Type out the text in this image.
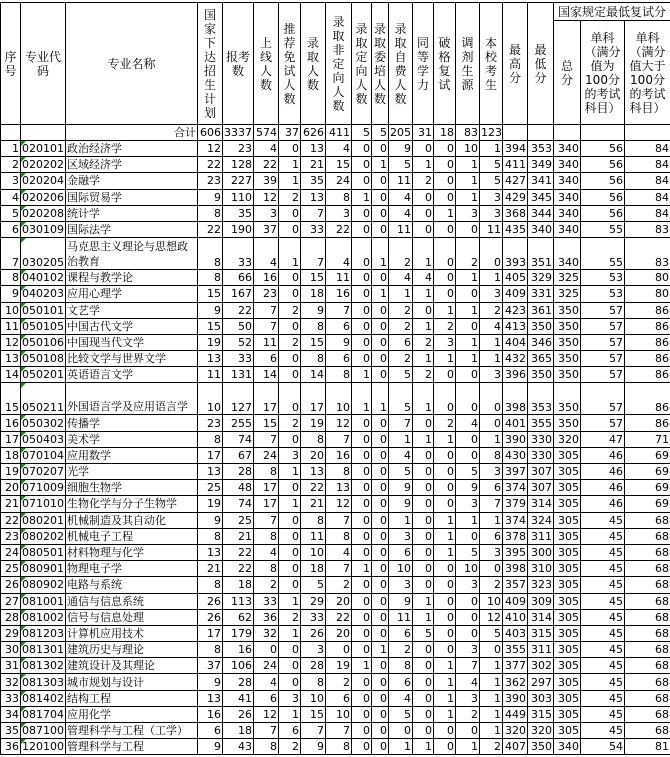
序号	专业代码	专业名称	国家下达招生计划	报考数	上线人数	推荐免试人数	录取人数	录取非定向人数	录取定向人数	录取委培人数	录取自费人数	同等学力	破格复试	调剂生源	本校考生	最高分	最低分	国家规定最低复试分		
																		总分	单科（满分值为100分的考试科目）	单科（满分值大于100分的考试科目）
		合计	606	3337	574	37	626	411	5	5	205	31	18	83	123					
1	020101	政治经济学	12	23	4	0	13	4	0	0	9	0	0	10	1	394	353	340	56	84
2	020202	区域经济学	22	128	22	1	21	15	0	1	5	1	0	1	5	411	349	340	56	84
3	020204	金融学	23	227	39	1	35	24	0	0	11	2	0	1	5	427	341	340	56	84
4	020206	国际贸易学	9	110	12	2	13	8	1	0	4	0	0	1	3	429	345	340	56	84
5	020208	统计学	8	35	3	0	7	3	0	0	4	0	1	3	3	368	344	340	56	84
6	030109	国际法学	22	190	37	0	33	22	0	0	11	0	0	0	11	435	340	340	55	83
7	030205	马克思主义理论与思想政治教育	8	33	4	1	7	4	0	1	2	1	0	2	0	393	351	340	55	83
8	040102	课程与教学论	8	66	16	0	15	11	0	0	4	4	0	1	1	405	329	325	53	80
9	040203	应用心理学	15	167	23	0	18	16	0	1	1	1	0	0	3	409	331	325	53	80
10	050101	文艺学	9	22	7	2	9	7	0	0	2	0	1	1	2	423	361	350	57	86
11	050105	中国古代文学	15	50	7	0	8	6	0	0	2	1	2	0	4	413	350	350	57	86
12	050106	中国现当代文学	19	52	11	2	15	9	0	0	6	2	3	1	1	404	346	350	57	86
13	050108	比较文学与世界文学	13	33	6	0	8	6	0	0	2	1	1	1	1	432	365	350	57	86
14	050201	英语语言文学	11	131	14	0	14	8	1	0	5	2	0	0	3	396	350	350	57	86
15	050211	外国语言学及应用语言学	10	127	17	0	17	10	1	1	5	1	0	0	0	398	353	350	57	86
16	050302	传播学	23	255	15	2	19	12	0	0	7	0	2	4	0	401	355	350	57	86
17	050403	美术学	8	74	7	0	8	7	0	0	1	1	1	0	1	390	330	320	47	71
18	070104	应用数学	17	67	24	3	20	16	0	0	4	0	0	0	8	430	330	305	46	69
19	070207	光学	13	28	8	1	13	8	0	0	5	0	0	5	3	397	307	305	46	69
20	071009	细胞生物学	25	48	17	0	22	13	0	0	9	0	0	9	6	374	307	305	46	69
21	071010	生物化学与分子生物学	19	74	17	1	21	12	0	0	9	0	0	3	7	379	314	305	46	69
22	080201	机械制造及其自动化	9	25	7	0	8	7	0	0	1	0	1	1	1	374	324	305	45	68
23	080202	机械电子工程	8	21	8	0	11	8	0	0	3	0	1	0	6	378	311	305	45	68
24	080501	材料物理与化学	13	22	4	0	10	4	0	0	6	0	1	5	3	395	300	305	45	68
25	080901	物理电子学	21	22	8	0	18	7	1	0	10	0	0	10	0	398	310	305	45	68
26	080902	电路与系统	8	18	2	0	5	2	0	0	3	0	0	3	2	357	323	305	45	68
27	081001	通信与信息系统	26	113	33	1	29	20	0	0	9	1	0	0	10	409	309	305	45	68
28	081002	信号与信息处理	26	62	36	2	33	22	0	0	11	1	0	0	12	410	314	305	45	68
29	081203	计算机应用技术	17	179	32	1	26	20	0	0	6	5	0	0	5	403	315	305	45	68
30	081301	建筑历史与理论	8	16	0	0	3	0	0	1	2	0	0	3	0	355	311	305	45	68
31	081302	建筑设计及其理论	37	106	24	0	28	19	1	0	8	0	1	7	1	377	302	305	45	68
32	081303	城市规划与设计	9	28	4	0	8	2	0	0	6	0	1	4	1	362	297	305	45	68
33	081402	结构工程	13	41	6	3	10	6	0	0	4	0	1	3	1	390	303	305	45	68
34	081704	应用化学	16	26	12	1	15	10	0	0	5	0	1	2	1	449	315	305	45	68
35	087100	管理科学与工程（工学）	6	18	7	6	7	7	0	0	0	0	0	0	1	320	320	305	45	68
36	120100	管理科学与工程	9	43	8	2	9	8	0	0	1	1	0	1	2	407	350	340	54	81
